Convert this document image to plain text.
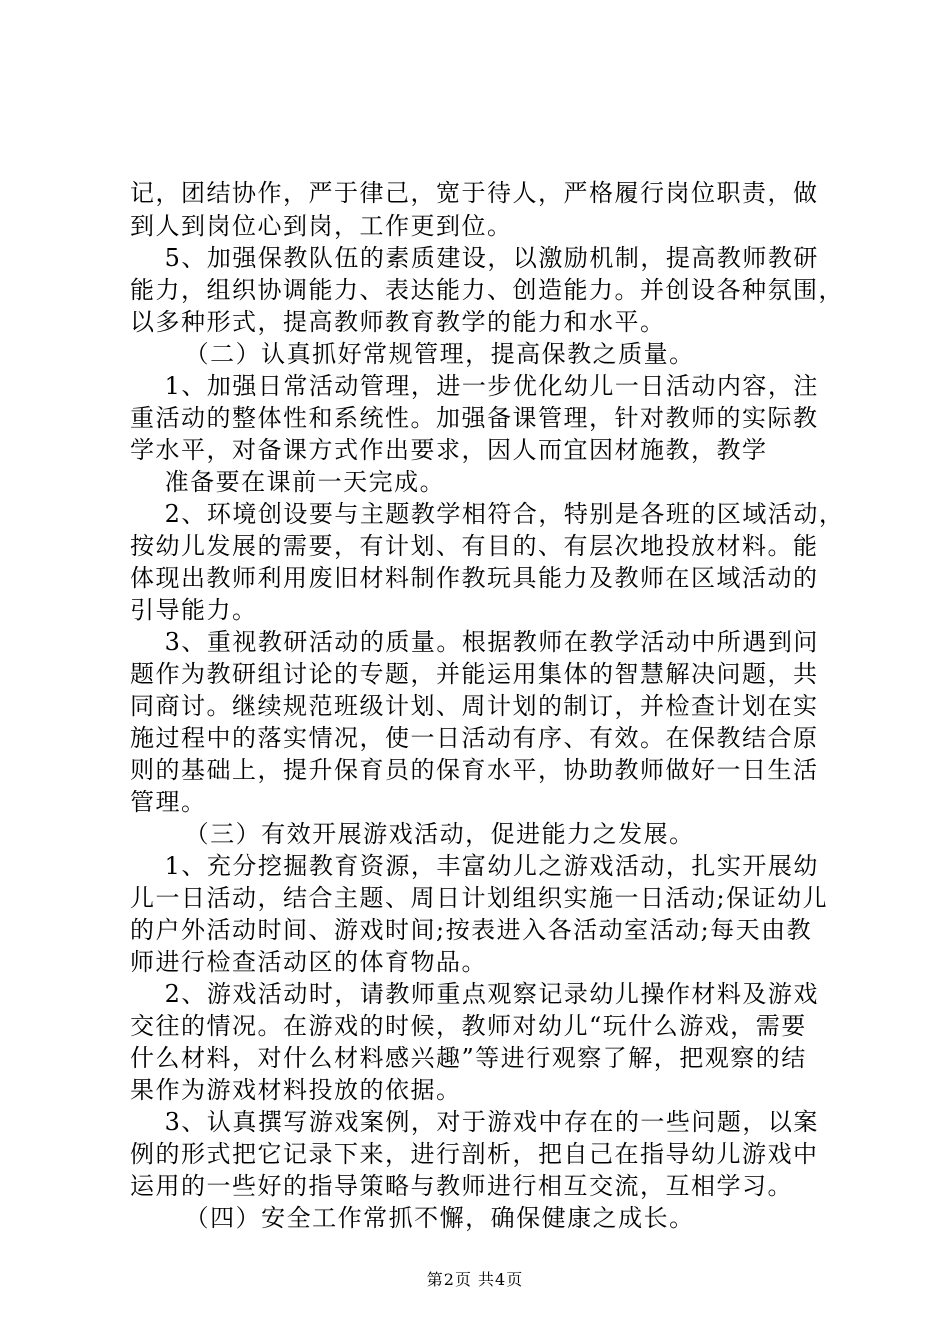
记，团结协作，严于律己，宽于待人，严格履行岗位职责，做
到人到岗位心到岗，工作更到位。
　 5、加强保教队伍的素质建设，以激励机制，提高教师教研
能力，组织协调能力、表达能力、创造能力。并创设各种氛围，
以多种形式，提高教师教育教学的能力和水平。
　 （二）认真抓好常规管理，提高保教之质量。
　 1、加强日常活动管理，进一步优化幼儿一日活动内容，注
重活动的整体性和系统性。加强备课管理，针对教师的实际教
学水平，对备课方式作出要求，因人而宜因材施教，教学
　 准备要在课前一天完成。
　 2、环境创设要与主题教学相符合，特别是各班的区域活动，
按幼儿发展的需要，有计划、有目的、有层次地投放材料。能
体现出教师利用废旧材料制作教玩具能力及教师在区域活动的
引导能力。
　 3、重视教研活动的质量。根据教师在教学活动中所遇到问
题作为教研组讨论的专题，并能运用集体的智慧解决问题，共
同商讨。继续规范班级计划、周计划的制订，并检查计划在实
施过程中的落实情况，使一日活动有序、有效。在保教结合原
则的基础上，提升保育员的保育水平，协助教师做好一日生活
管理。
　 （三）有效开展游戏活动，促进能力之发展。
　 1、充分挖掘教育资源，丰富幼儿之游戏活动，扎实开展幼
儿一日活动，结合主题、周日计划组织实施一日活动;保证幼儿
的户外活动时间、游戏时间;按表进入各活动室活动;每天由教
师进行检查活动区的体育物品。
　 2、游戏活动时，请教师重点观察记录幼儿操作材料及游戏
交往的情况。在游戏的时候，教师对幼儿“玩什么游戏，需要
什么材料，对什么材料感兴趣”等进行观察了解，把观察的结
果作为游戏材料投放的依据。
　 3、认真撰写游戏案例，对于游戏中存在的一些问题，以案
例的形式把它记录下来，进行剖析，把自己在指导幼儿游戏中
运用的一些好的指导策略与教师进行相互交流，互相学习。
　 （四）安全工作常抓不懈，确保健康之成长。
第2页 共4页
